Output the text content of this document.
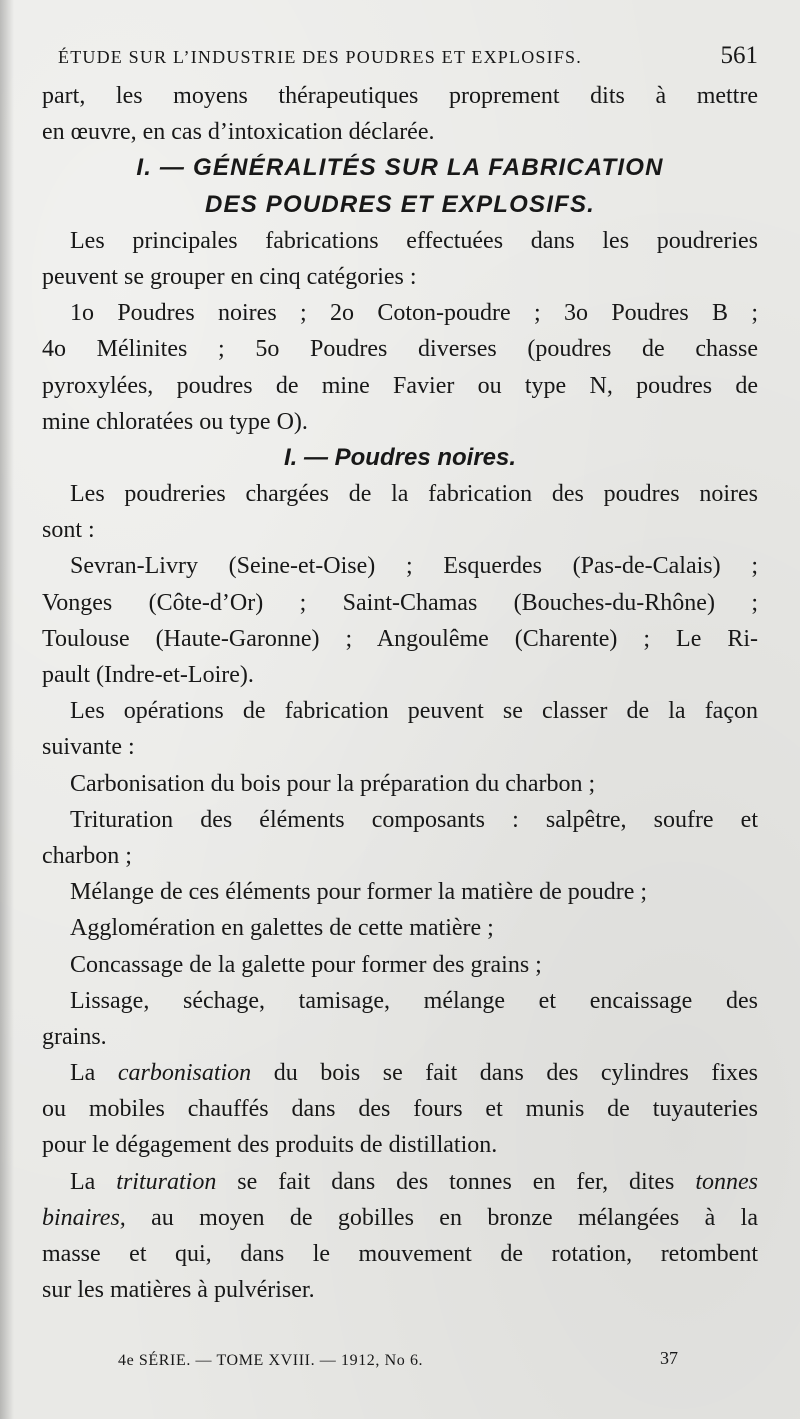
ÉTUDE SUR L’INDUSTRIE DES POUDRES ET EXPLOSIFS.	561
part, les moyens thérapeutiques proprement dits à mettre
en œuvre, en cas d’intoxication déclarée.
I. — GÉNÉRALITÉS SUR LA FABRICATION
DES POUDRES ET EXPLOSIFS.
Les principales fabrications effectuées dans les poudreries
peuvent se grouper en cinq catégories :
1o Poudres noires ; 2o Coton-poudre ; 3o Poudres B ;
4o Mélinites ; 5o Poudres diverses (poudres de chasse
pyroxylées, poudres de mine Favier ou type N, poudres de
mine chloratées ou type O).
I. — Poudres noires.
Les poudreries chargées de la fabrication des poudres noires
sont :
Sevran-Livry (Seine-et-Oise) ; Esquerdes (Pas-de-Calais) ;
Vonges (Côte-d’Or) ; Saint-Chamas (Bouches-du-Rhône) ;
Toulouse (Haute-Garonne) ; Angoulême (Charente) ; Le Ri-
pault (Indre-et-Loire).
Les opérations de fabrication peuvent se classer de la façon
suivante :
Carbonisation du bois pour la préparation du charbon ;
Trituration des éléments composants : salpêtre, soufre et
charbon ;
Mélange de ces éléments pour former la matière de poudre ;
Agglomération en galettes de cette matière ;
Concassage de la galette pour former des grains ;
Lissage, séchage, tamisage, mélange et encaissage des
grains.
La carbonisation du bois se fait dans des cylindres fixes
ou mobiles chauffés dans des fours et munis de tuyauteries
pour le dégagement des produits de distillation.
La trituration se fait dans des tonnes en fer, dites tonnes
binaires, au moyen de gobilles en bronze mélangées à la
masse et qui, dans le mouvement de rotation, retombent
sur les matières à pulvériser.
4e SÉRIE. — TOME XVIII. — 1912, No 6.	37
